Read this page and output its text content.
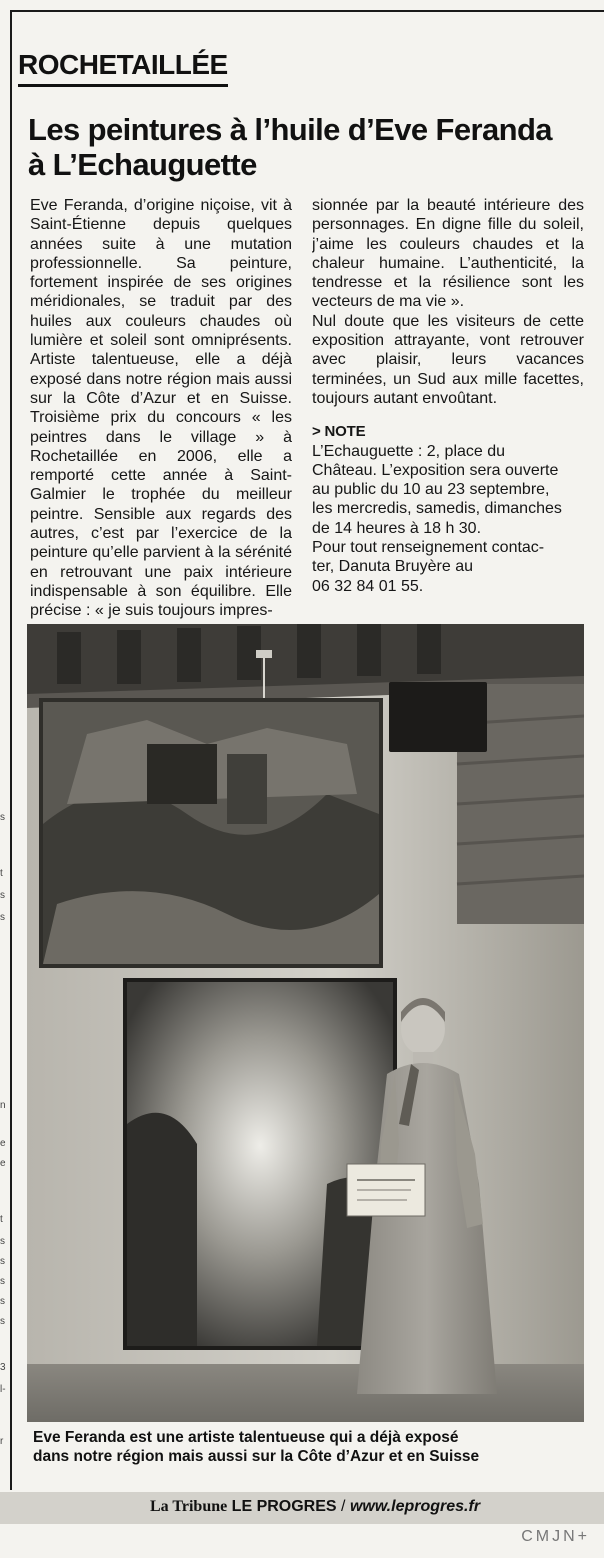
s
t
s
s
n
e
e
t
s
s
s
s
s
3
l-
r
ROCHETAILLÉE
Les peintures à l’huile d’Eve Feranda
à L’Echauguette

Eve Feranda, d’origine niçoise, vit à Saint-Étienne depuis quelques années suite à une mutation professionnelle. Sa peinture, fortement inspirée de ses origines méridionales, se traduit par des huiles aux couleurs chaudes où lumière et soleil sont omniprésents. Artiste talentueuse, elle a déjà exposé dans notre région mais aussi sur la Côte d’Azur et en Suisse. Troisième prix du concours « les peintres dans le village » à Rochetaillée en 2006, elle a remporté cette année à Saint-Galmier le trophée du meilleur peintre. Sensible aux regards des autres, c’est par l’exercice de la peinture qu’elle parvient à la sérénité en retrouvant une paix intérieure indispensable à son équilibre. Elle précise : « je suis toujours impres-

sionnée par la beauté intérieure des personnages. En digne fille du soleil, j’aime les couleurs chaudes et la chaleur humaine. L’authenticité, la tendresse et la résilience sont les vecteurs de ma vie ».

Nul doute que les visiteurs de cette exposition attrayante, vont retrouver avec plaisir, leurs vacances terminées, un Sud aux mille facettes, toujours autant envoûtant.

> NOTE
L’Echauguette : 2, place du
Château. L’exposition sera ouverte
au public du 10 au 23 septembre,
les mercredis, samedis, dimanches
de 14 heures à 18 h 30.
Pour tout renseignement contac-
ter, Danuta Bruyère au
06 32 84 01 55.
Eve Feranda est une artiste talentueuse qui a déjà exposé
dans notre région mais aussi sur la Côte d’Azur et en Suisse
La Tribune LE PROGRES / www.leprogres.fr
CMJN+
